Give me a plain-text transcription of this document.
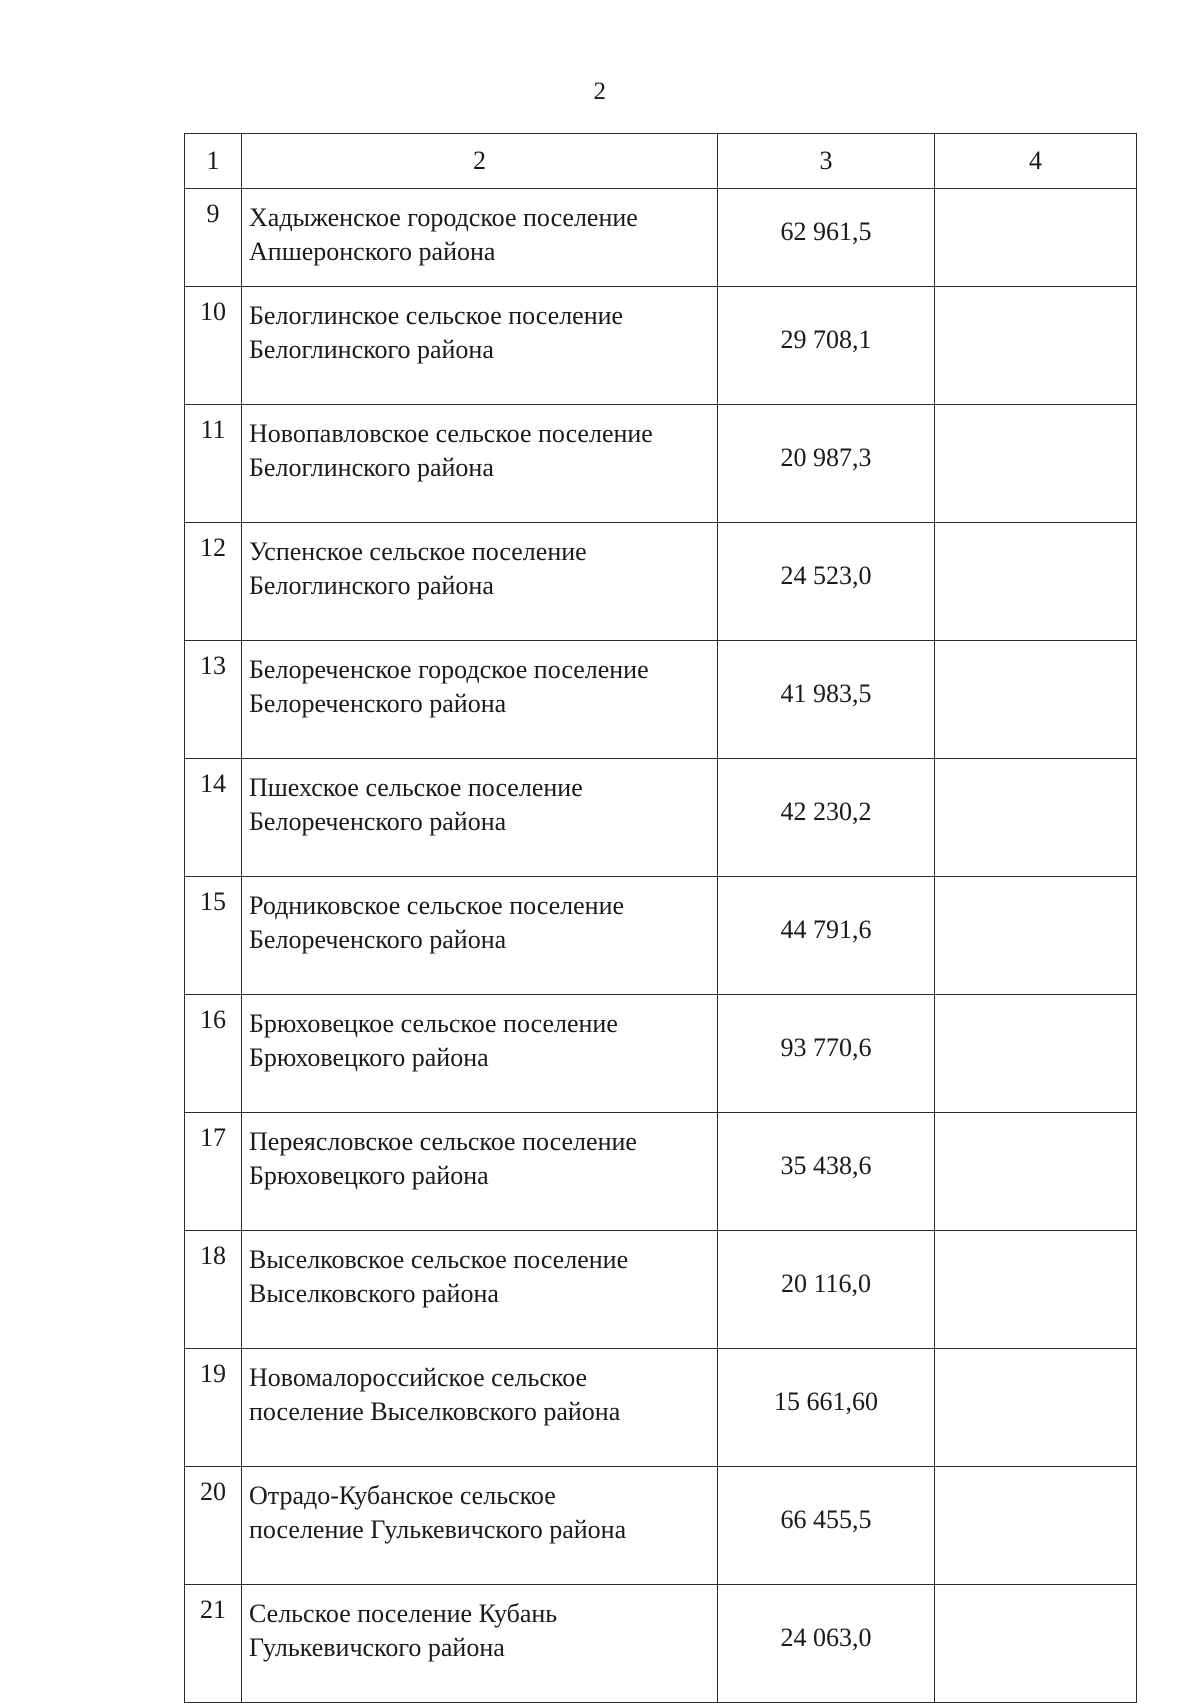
2
1	2	3	4
9	Хадыженское городское поселение
Апшеронского района	62 961,5	
10	Белоглинское сельское поселение
Белоглинского района	29 708,1	
11	Новопавловское сельское поселение
Белоглинского района	20 987,3	
12	Успенское сельское поселение
Белоглинского района	24 523,0	
13	Белореченское городское поселение
Белореченского района	41 983,5	
14	Пшехское сельское поселение
Белореченского района	42 230,2	
15	Родниковское сельское поселение
Белореченского района	44 791,6	
16	Брюховецкое сельское поселение
Брюховецкого района	93 770,6	
17	Переясловское сельское поселение
Брюховецкого района	35 438,6	
18	Выселковское сельское поселение
Выселковского района	20 116,0	
19	Новомалороссийское сельское
поселение Выселковского района	15 661,60	
20	Отрадо-Кубанское сельское
поселение Гулькевичского района	66 455,5	
21	Сельское поселение Кубань
Гулькевичского района	24 063,0	
